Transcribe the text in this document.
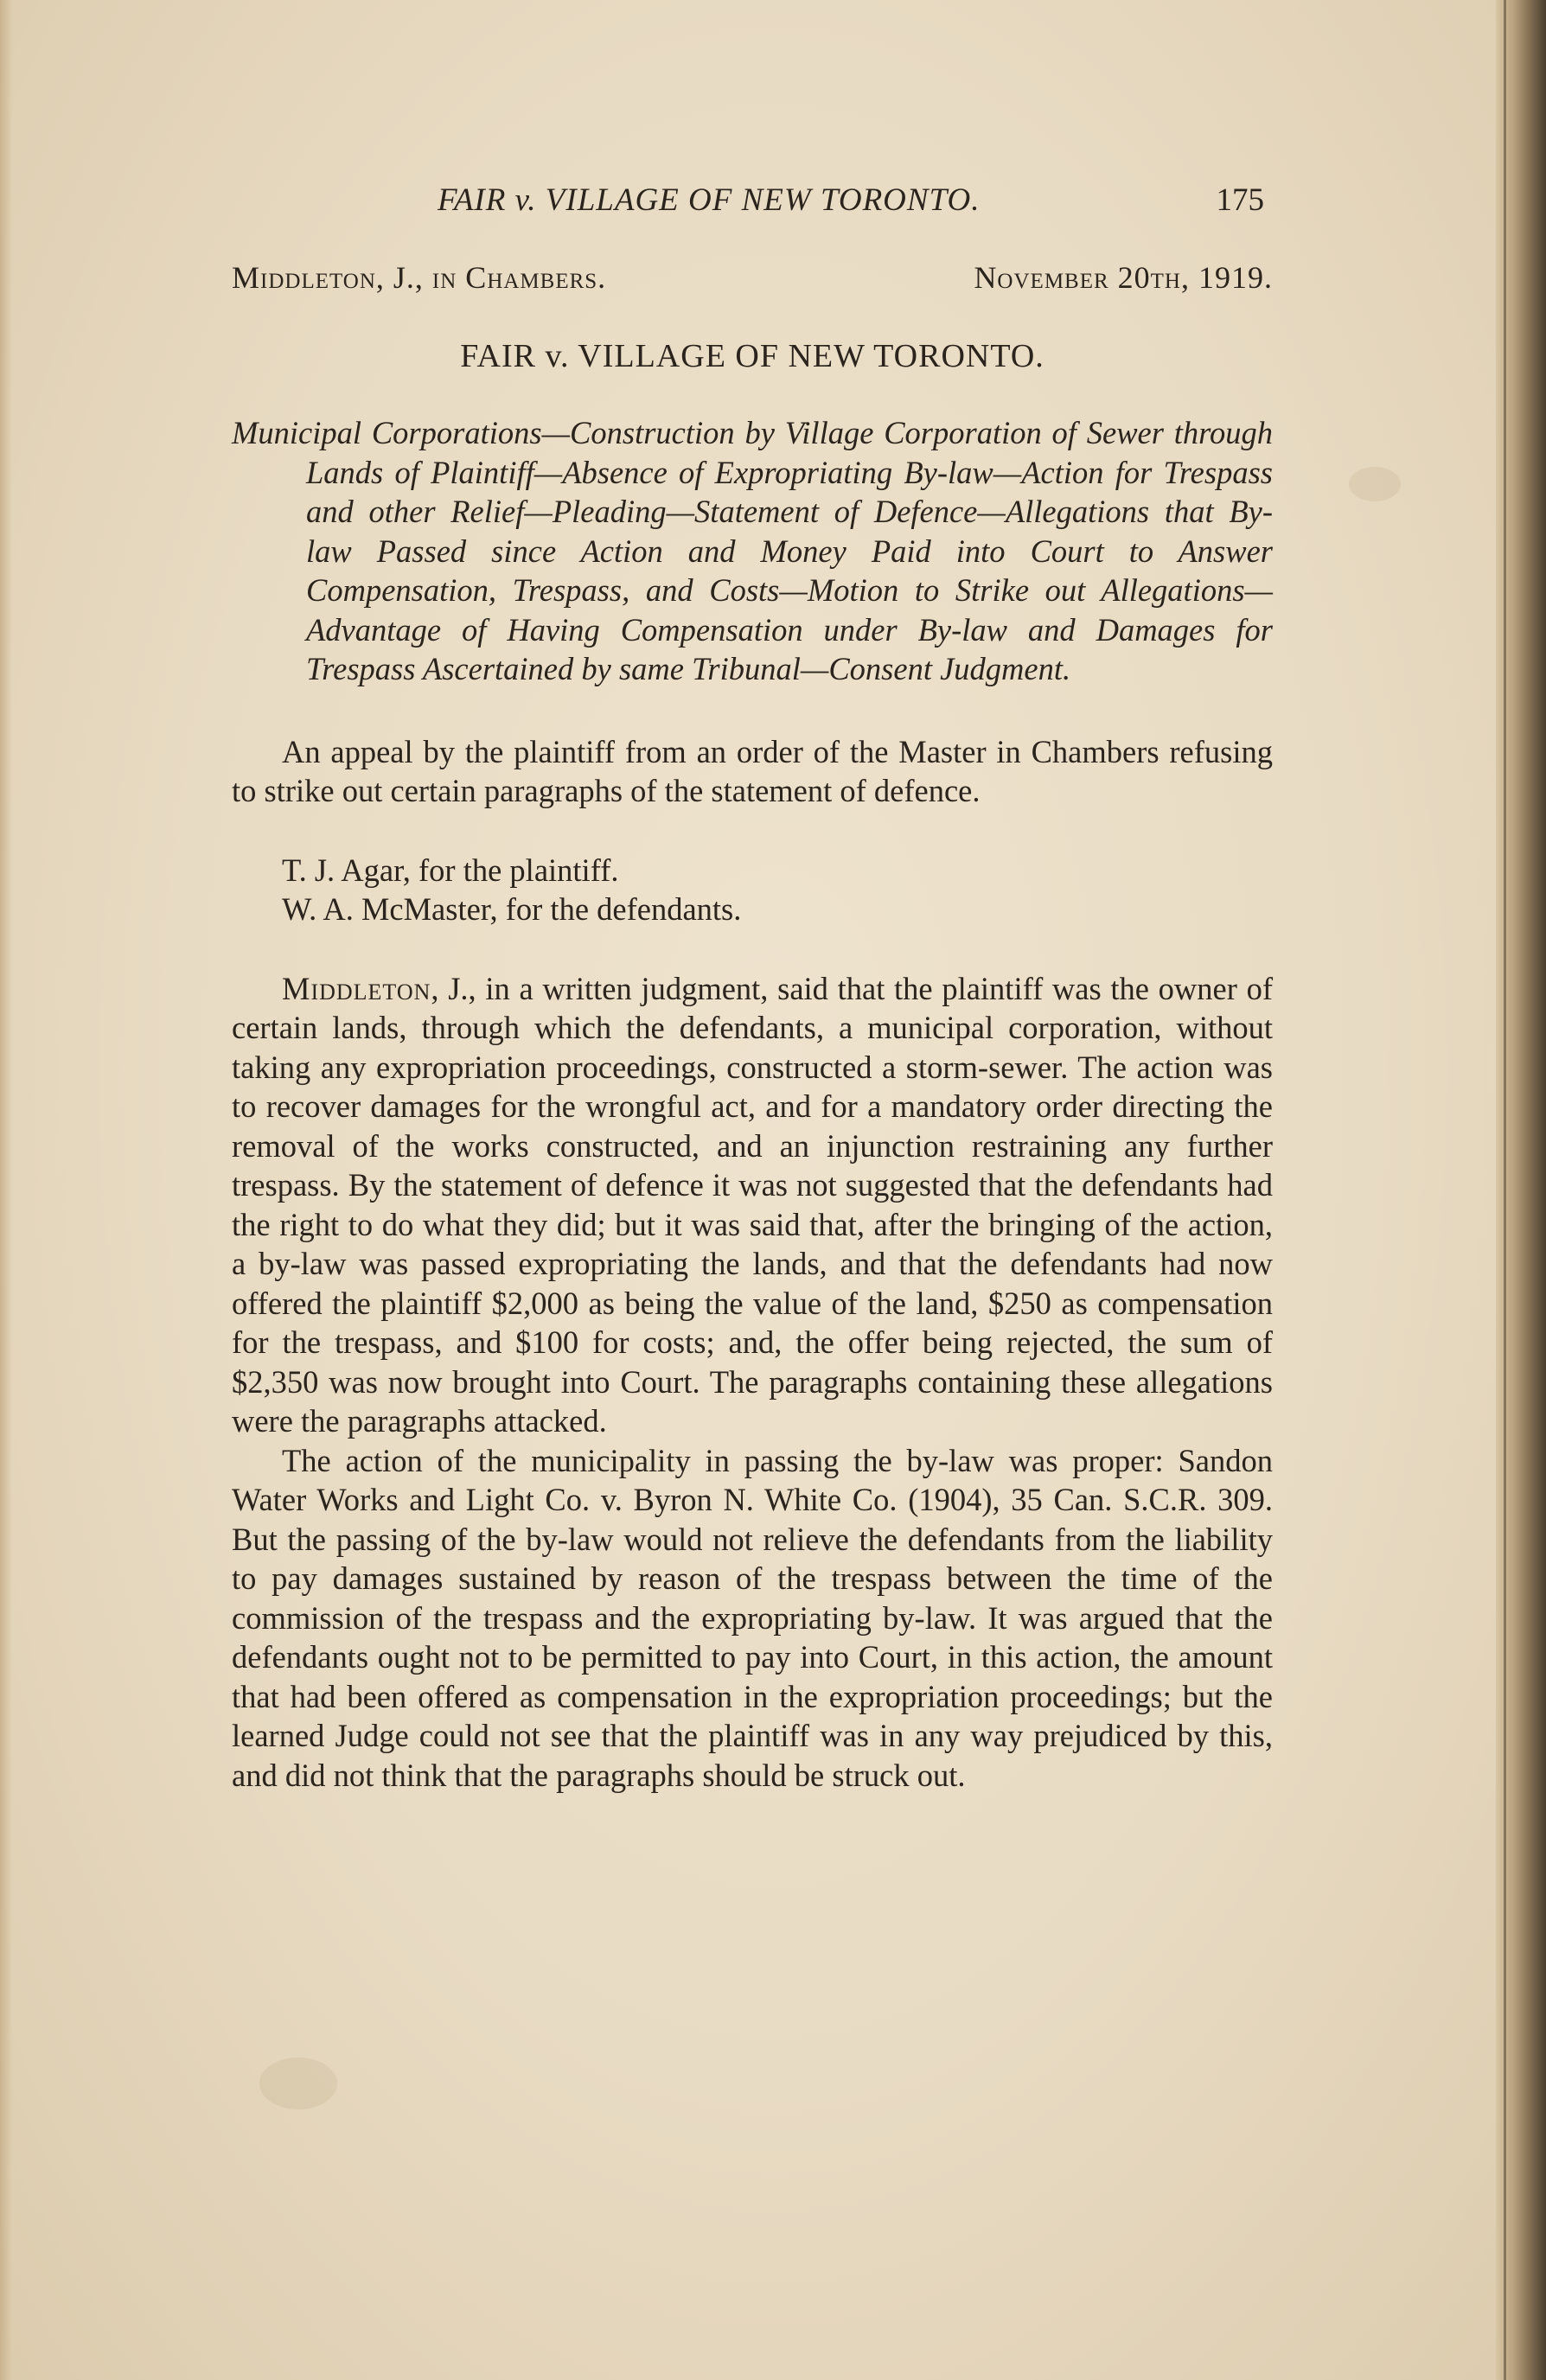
FAIR v. VILLAGE OF NEW TORONTO.	175
Middleton, J., in Chambers.	November 20th, 1919.
FAIR v. VILLAGE OF NEW TORONTO.
Municipal Corporations—Construction by Village Corporation of Sewer through Lands of Plaintiff—Absence of Expropriating By-law—Action for Trespass and other Relief—Pleading—Statement of Defence—Allegations that By-law Passed since Action and Money Paid into Court to Answer Compensation, Trespass, and Costs—Motion to Strike out Allegations—Advantage of Having Compensation under By-law and Damages for Trespass Ascertained by same Tribunal—Consent Judgment.

An appeal by the plaintiff from an order of the Master in Chambers refusing to strike out certain paragraphs of the statement of defence.

T. J. Agar, for the plaintiff.
W. A. McMaster, for the defendants.

Middleton, J., in a written judgment, said that the plaintiff was the owner of certain lands, through which the defendants, a municipal corporation, without taking any expropriation proceedings, constructed a storm-sewer. The action was to recover damages for the wrongful act, and for a mandatory order directing the removal of the works constructed, and an injunction restraining any further trespass. By the statement of defence it was not suggested that the defendants had the right to do what they did; but it was said that, after the bringing of the action, a by-law was passed expropriating the lands, and that the defendants had now offered the plaintiff $2,000 as being the value of the land, $250 as compensation for the trespass, and $100 for costs; and, the offer being rejected, the sum of $2,350 was now brought into Court. The paragraphs containing these allegations were the paragraphs attacked.

The action of the municipality in passing the by-law was proper: Sandon Water Works and Light Co. v. Byron N. White Co. (1904), 35 Can. S.C.R. 309. But the passing of the by-law would not relieve the defendants from the liability to pay damages sustained by reason of the trespass between the time of the commission of the trespass and the expropriating by-law. It was argued that the defendants ought not to be permitted to pay into Court, in this action, the amount that had been offered as compensation in the expropriation proceedings; but the learned Judge could not see that the plaintiff was in any way prejudiced by this, and did not think that the paragraphs should be struck out.
